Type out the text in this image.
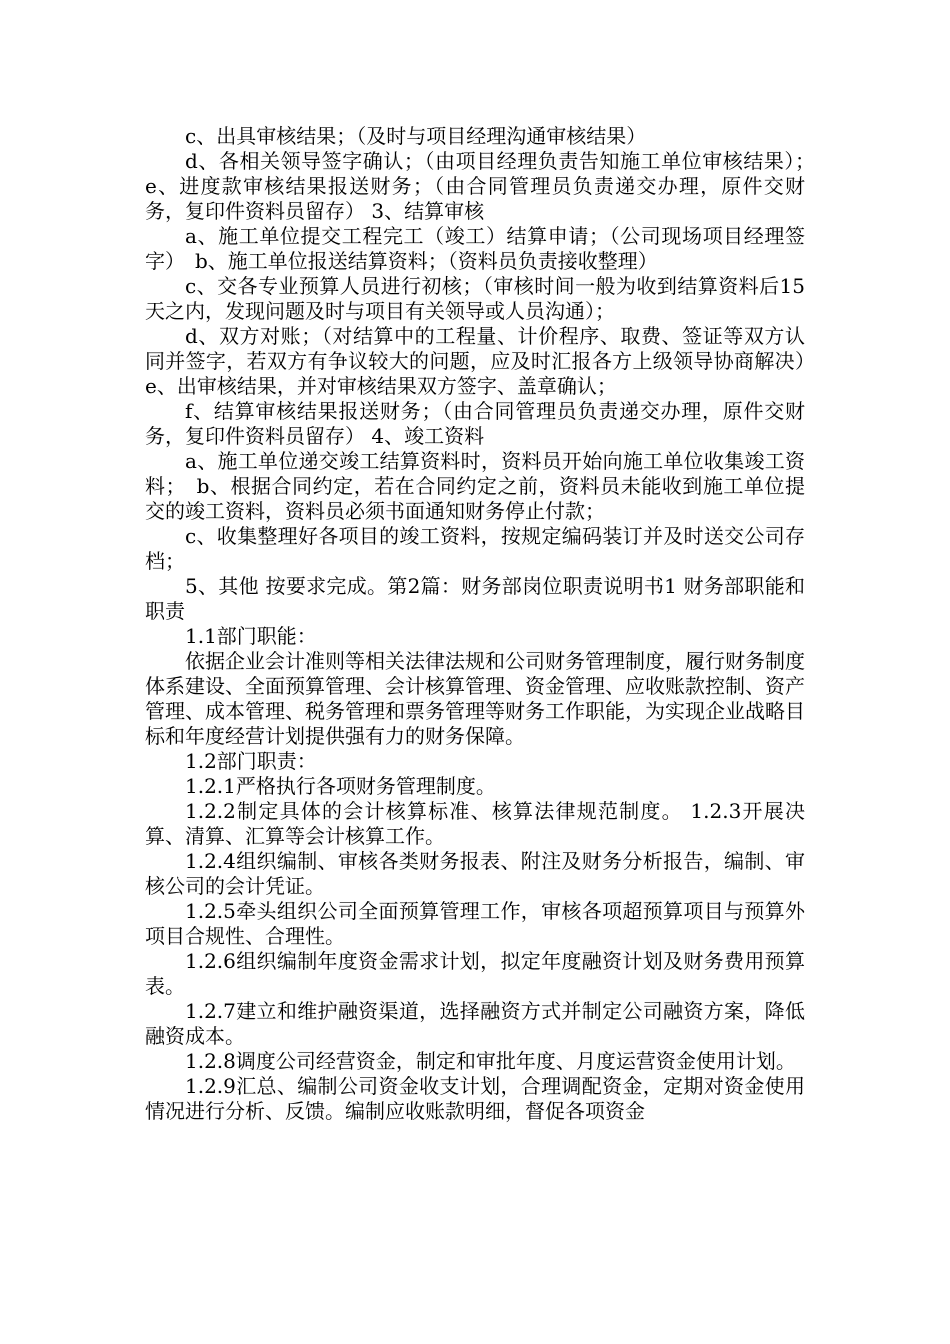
c、出具审核结果；（及时与项目经理沟通审核结果）

d、各相关领导签字确认；（由项目经理负责告知施工单位审核结果）；　e、进度款审核结果报送财务；（由合同管理员负责递交办理，原件交财务，复印件资料员留存） 3、结算审核

a、施工单位提交工程完工（竣工）结算申请；（公司现场项目经理签字）　b、施工单位报送结算资料；（资料员负责接收整理）

c、交各专业预算人员进行初核；（审核时间一般为收到结算资料后15天之内，发现问题及时与项目有关领导或人员沟通）；

d、双方对账；（对结算中的工程量、计价程序、取费、签证等双方认同并签字，若双方有争议较大的问题，应及时汇报各方上级领导协商解决）　e、出审核结果，并对审核结果双方签字、盖章确认；

f、结算审核结果报送财务；（由合同管理员负责递交办理，原件交财务，复印件资料员留存） 4、竣工资料

a、施工单位递交竣工结算资料时，资料员开始向施工单位收集竣工资料；　b、根据合同约定，若在合同约定之前，资料员未能收到施工单位提交的竣工资料，资料员必须书面通知财务停止付款；

c、收集整理好各项目的竣工资料，按规定编码装订并及时送交公司存档；

5、其他 按要求完成。第2篇：财务部岗位职责说明书1 财务部职能和职责

1.1部门职能：

依据企业会计准则等相关法律法规和公司财务管理制度，履行财务制度体系建设、全面预算管理、会计核算管理、资金管理、应收账款控制、资产管理、成本管理、税务管理和票务管理等财务工作职能，为实现企业战略目标和年度经营计划提供强有力的财务保障。

1.2部门职责：

1.2.1严格执行各项财务管理制度。

1.2.2制定具体的会计核算标准、核算法律规范制度。 1.2.3开展决算、清算、汇算等会计核算工作。

1.2.4组织编制、审核各类财务报表、附注及财务分析报告，编制、审核公司的会计凭证。

1.2.5牵头组织公司全面预算管理工作，审核各项超预算项目与预算外项目合规性、合理性。

1.2.6组织编制年度资金需求计划，拟定年度融资计划及财务费用预算表。

1.2.7建立和维护融资渠道，选择融资方式并制定公司融资方案，降低融资成本。

1.2.8调度公司经营资金，制定和审批年度、月度运营资金使用计划。

1.2.9汇总、编制公司资金收支计划，合理调配资金，定期对资金使用情况进行分析、反馈。编制应收账款明细，督促各项资金
